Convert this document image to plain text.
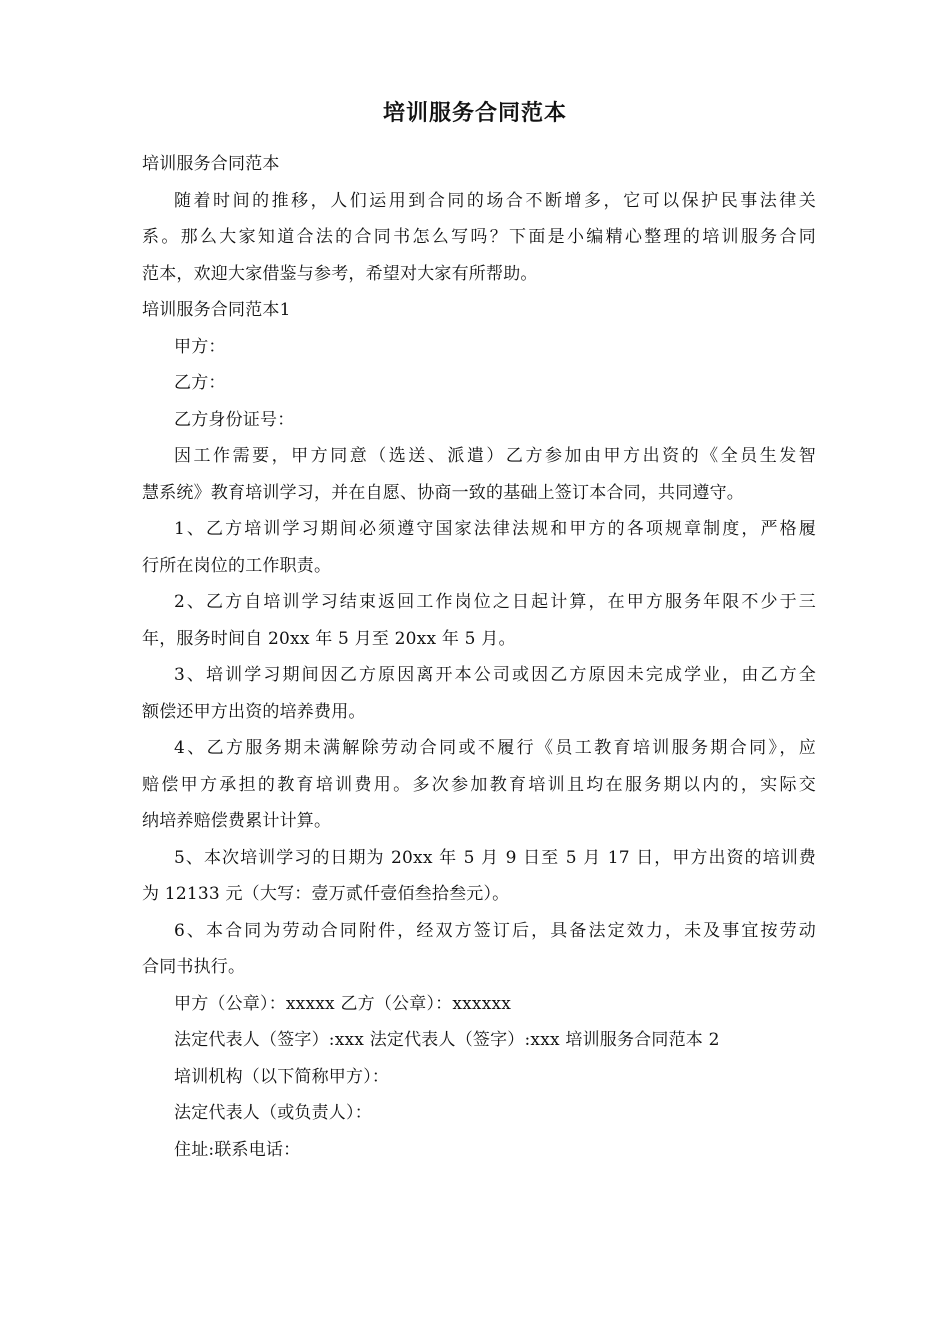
培训服务合同范本
培训服务合同范本
随着时间的推移，人们运用到合同的场合不断增多，它可以保护民事法律关
系。那么大家知道合法的合同书怎么写吗？下面是小编精心整理的培训服务合同
范本，欢迎大家借鉴与参考，希望对大家有所帮助。
培训服务合同范本1
甲方：
乙方：
乙方身份证号：
因工作需要，甲方同意（选送、派遣）乙方参加由甲方出资的《全员生发智
慧系统》教育培训学习，并在自愿、协商一致的基础上签订本合同，共同遵守。
1、乙方培训学习期间必须遵守国家法律法规和甲方的各项规章制度，严格履
行所在岗位的工作职责。
2、乙方自培训学习结束返回工作岗位之日起计算，在甲方服务年限不少于三
年，服务时间自 20xx 年 5 月至 20xx 年 5 月。
3、培训学习期间因乙方原因离开本公司或因乙方原因未完成学业，由乙方全
额偿还甲方出资的培养费用。
4、乙方服务期未满解除劳动合同或不履行《员工教育培训服务期合同》，应
赔偿甲方承担的教育培训费用。多次参加教育培训且均在服务期以内的，实际交
纳培养赔偿费累计计算。
5、本次培训学习的日期为 20xx 年 5 月 9 日至 5 月 17 日，甲方出资的培训费
为 12133 元（大写：壹万贰仟壹佰叁拾叁元）。
6、本合同为劳动合同附件，经双方签订后，具备法定效力，未及事宜按劳动
合同书执行。
甲方（公章）：xxxxx 乙方（公章）：xxxxxx
法定代表人（签字）:xxx 法定代表人（签字）:xxx 培训服务合同范本 2
培训机构（以下简称甲方）：
法定代表人（或负责人）：
住址:联系电话：
